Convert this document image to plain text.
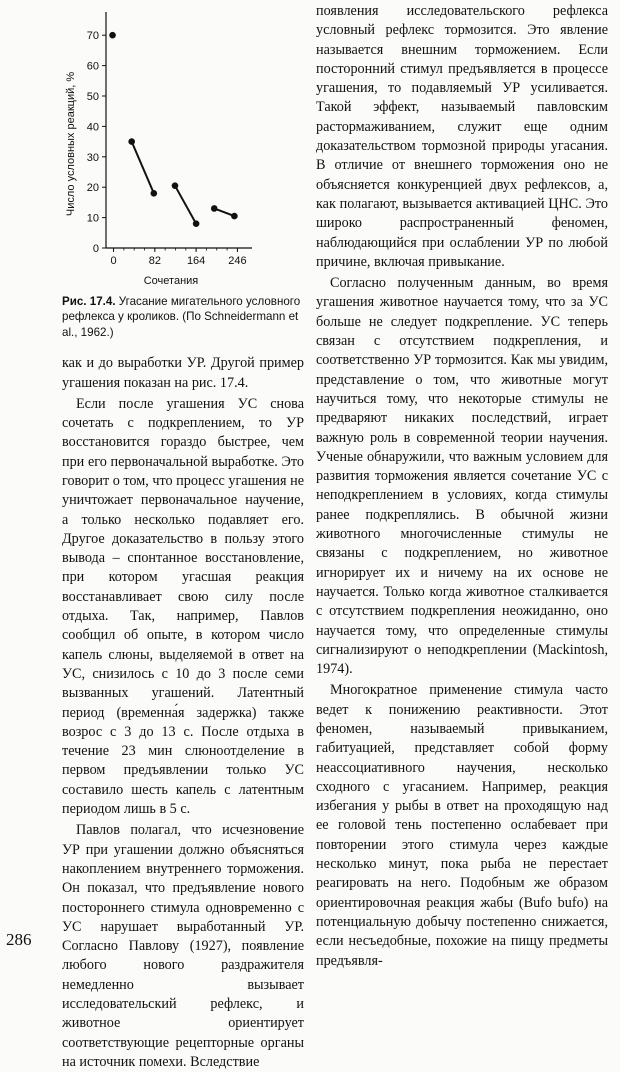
0
10
20
30
40
50
60
70
0	82 164 246
Сочетания
Число условных реакций, %
Рис. 17.4. Угасание мигательного условного рефлекса у кроликов. (По Schneidermann et al., 1962.)

как и до выработки УР. Другой пример угашения показан на рис. 17.4.

Если после угашения УС снова сочетать с подкреплением, то УР восстановится гораздо быстрее, чем при его первоначальной выработке. Это говорит о том, что процесс угашения не уничтожает первоначальное научение, а только несколько подавляет его. Другое доказательство в пользу этого вывода – спонтанное восстановление, при котором угасшая реакция восстанавливает свою силу после отдыха. Так, например, Павлов сообщил об опыте, в котором число капель слюны, выделяемой в ответ на УС, снизилось с 10 до 3 после семи вызванных угашений. Латентный период (временна́я задержка) также возрос с 3 до 13 с. После отдыха в течение 23 мин слюноотделение в первом предъявлении только УС составило шесть капель с латентным периодом лишь в 5 с.

Павлов полагал, что исчезновение УР при угашении должно объясняться накоплением внутреннего торможения. Он показал, что предъявление нового постороннего стимула одновременно с УС нарушает выработанный УР. Согласно Павлову (1927), появление любого нового раздражителя немедленно вызывает исследовательский рефлекс, и животное ориентирует соответствующие рецепторные органы на источник помехи. Вследствие

появления исследовательского рефлекса условный рефлекс тормозится. Это явление называется внешним торможением. Если посторонний стимул предъявляется в процессе угашения, то подавляемый УР усиливается. Такой эффект, называемый павловским растормаживанием, служит еще одним доказательством тормозной природы угасания. В отличие от внешнего торможения оно не объясняется конкуренцией двух рефлексов, а, как полагают, вызывается активацией ЦНС. Это широко распространенный феномен, наблюдающийся при ослаблении УР по любой причине, включая привыкание.

Согласно полученным данным, во время угашения животное научается тому, что за УС больше не следует подкрепление. УС теперь связан с отсутствием подкрепления, и соответственно УР тормозится. Как мы увидим, представление о том, что животные могут научиться тому, что некоторые стимулы не предваряют никаких последствий, играет важную роль в современной теории научения. Ученые обнаружили, что важным условием для развития торможения является сочетание УС с неподкреплением в условиях, когда стимулы ранее подкреплялись. В обычной жизни животного многочисленные стимулы не связаны с подкреплением, но животное игнорирует их и ничему на их основе не научается. Только когда животное сталкивается с отсутствием подкрепления неожиданно, оно научается тому, что определенные стимулы сигнализируют о неподкреплении (Mackintosh, 1974).

Многократное применение стимула часто ведет к понижению реактивности. Этот феномен, называемый привыканием, габитуацией, представляет собой форму неассоциативного научения, несколько сходного с угасанием. Например, реакция избегания у рыбы в ответ на проходящую над ее головой тень постепенно ослабевает при повторении этого стимула через каждые несколько минут, пока рыба не перестает реагировать на него. Подобным же образом ориентировочная реакция жабы (Bufo bufo) на потенциальную добычу постепенно снижается, если несъедобные, похожие на пищу предметы предъявля-

286
